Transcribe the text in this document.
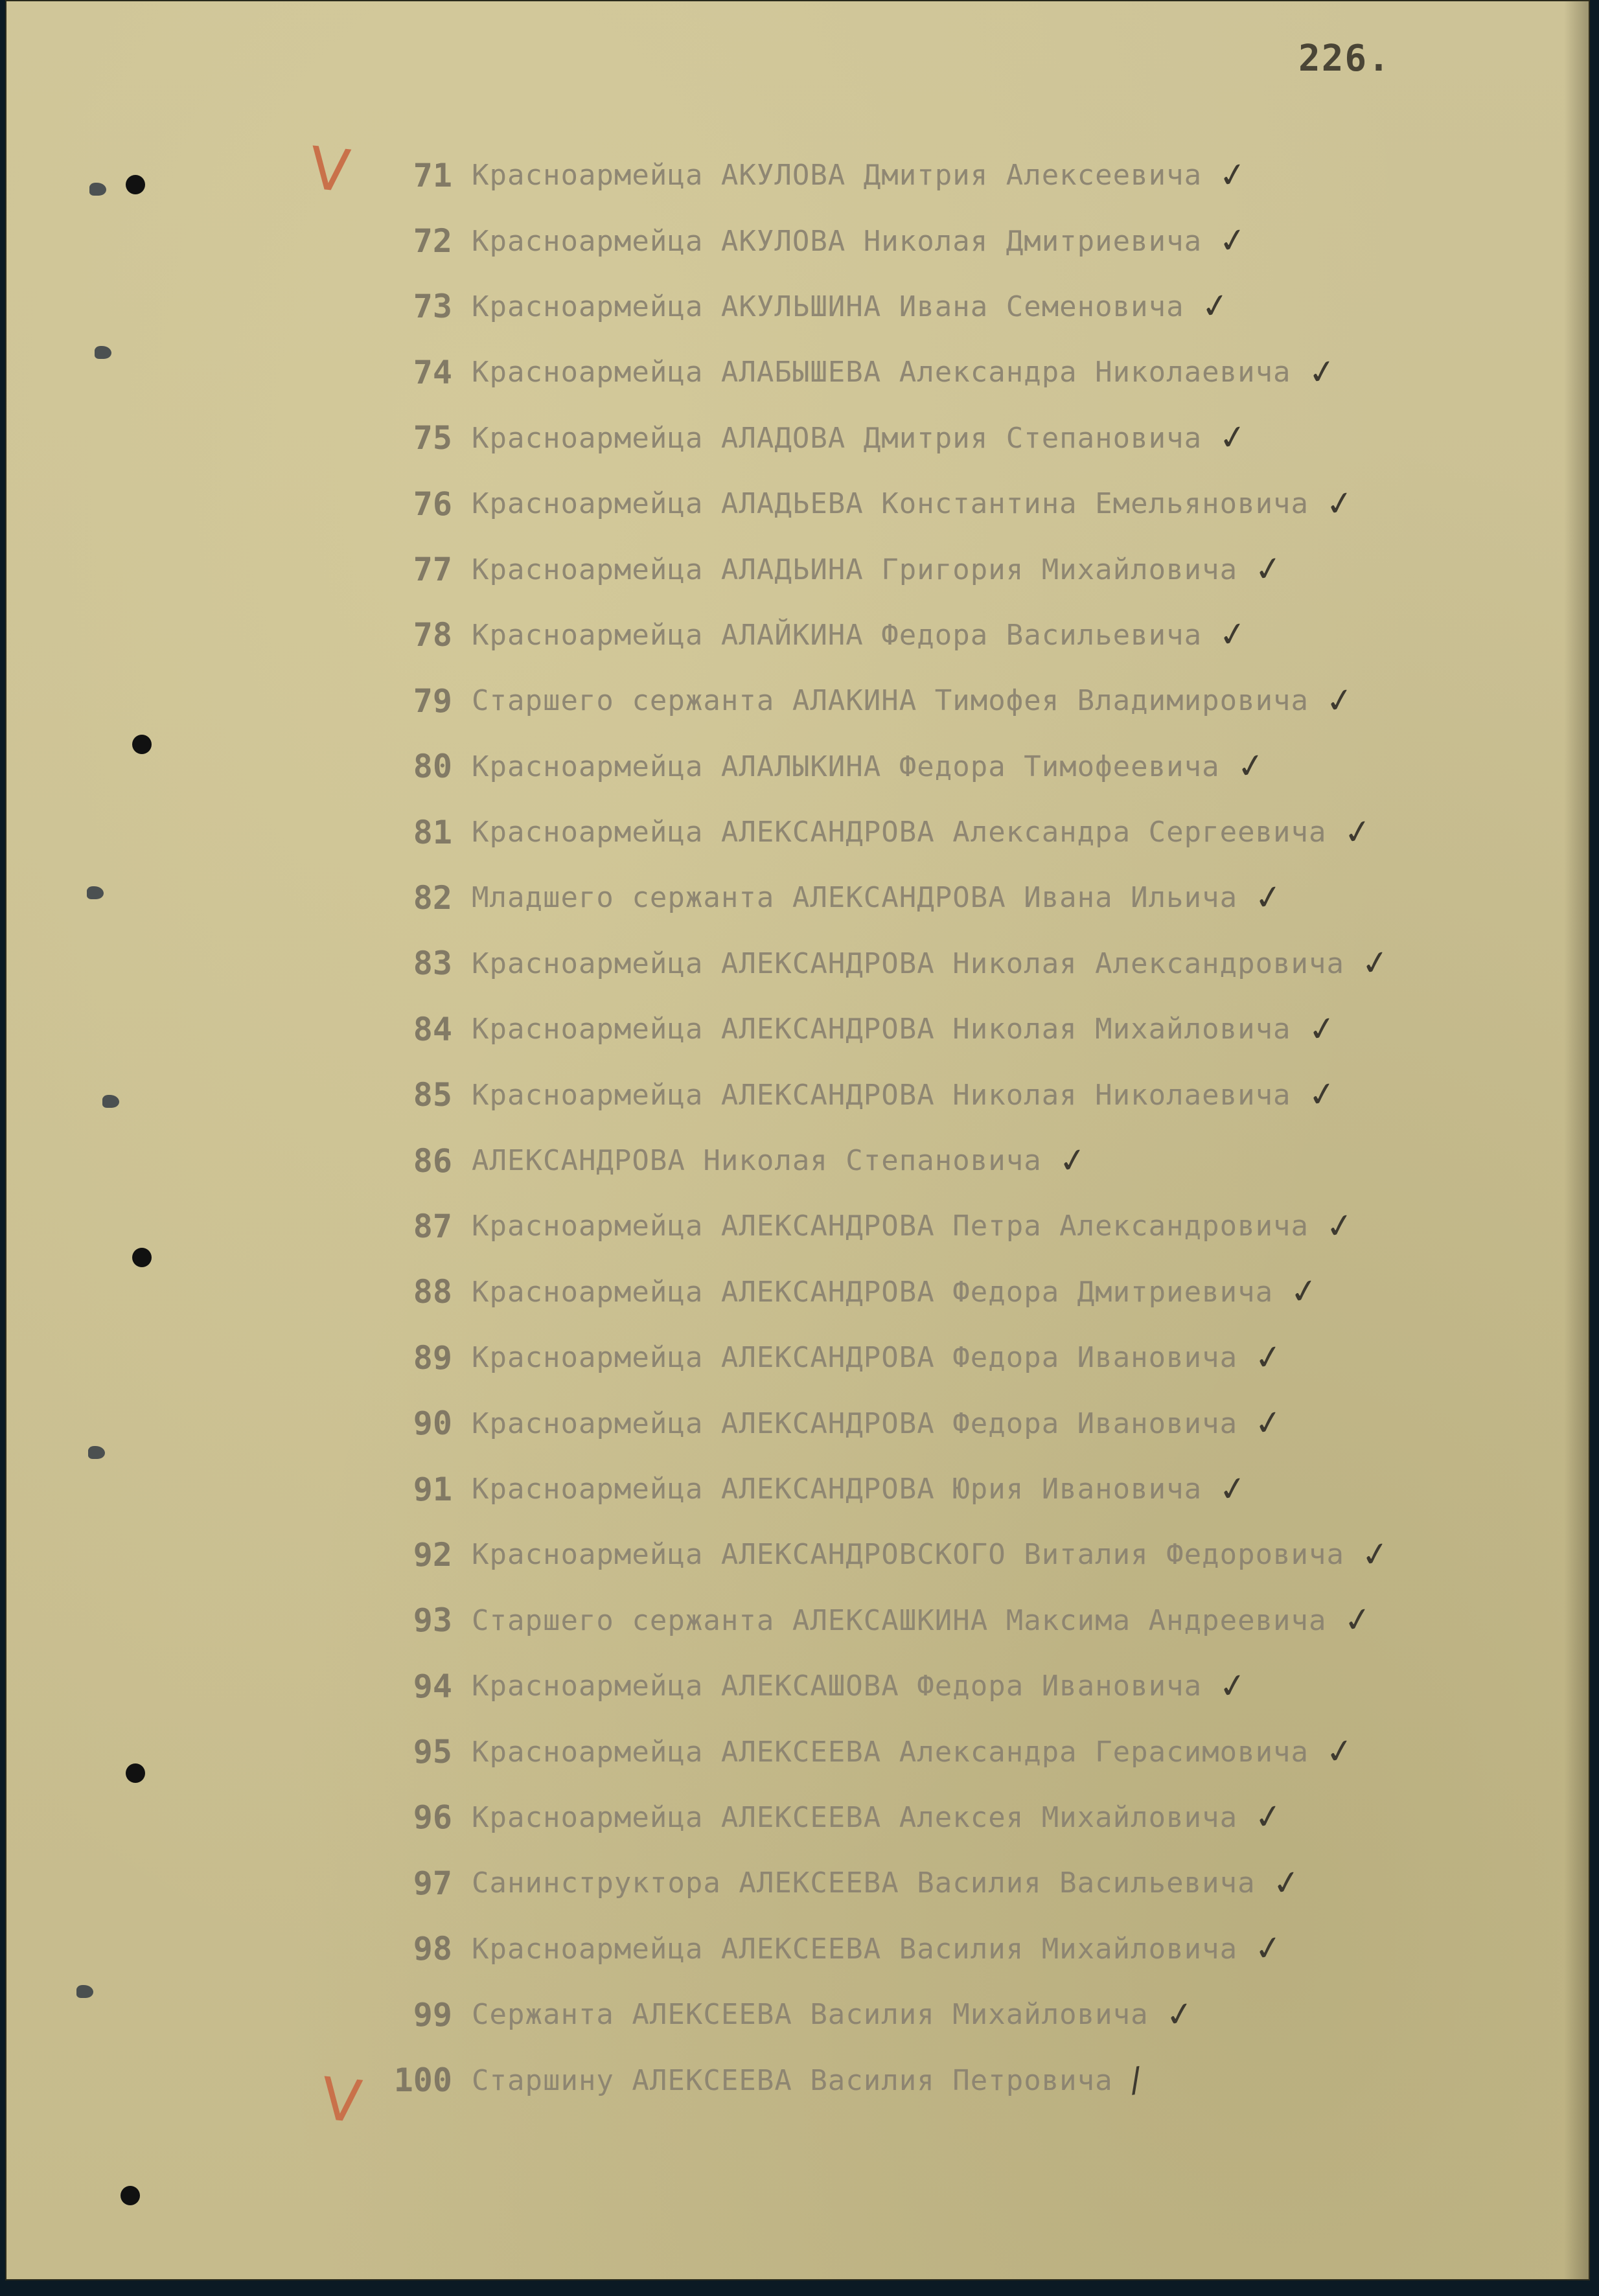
226.
V
V
71 Красноармейца АКУЛОВА Дмитрия Алексеевича ✓
72 Красноармейца АКУЛОВА Николая Дмитриевича ✓
73 Красноармейца АКУЛЬШИНА Ивана Семеновича ✓
74 Красноармейца АЛАБЫШЕВА Александра Николаевича ✓
75 Красноармейца АЛАДОВА Дмитрия Степановича ✓
76 Красноармейца АЛАДЬЕВА Константина Емельяновича ✓
77 Красноармейца АЛАДЬИНА Григория Михайловича ✓
78 Красноармейца АЛАЙКИНА Федора Васильевича ✓
79 Старшего сержанта АЛАКИНА Тимофея Владимировича ✓
80 Красноармейца АЛАЛЫКИНА Федора Тимофеевича ✓
81 Красноармейца АЛЕКСАНДРОВА Александра Сергеевича ✓
82 Младшего сержанта АЛЕКСАНДРОВА Ивана Ильича ✓
83 Красноармейца АЛЕКСАНДРОВА Николая Александровича ✓
84 Красноармейца АЛЕКСАНДРОВА Николая Михайловича ✓
85 Красноармейца АЛЕКСАНДРОВА Николая Николаевича ✓
86 АЛЕКСАНДРОВА Николая Степановича ✓
87 Красноармейца АЛЕКСАНДРОВА Петра Александровича ✓
88 Красноармейца АЛЕКСАНДРОВА Федора Дмитриевича ✓
89 Красноармейца АЛЕКСАНДРОВА Федора Ивановича ✓
90 Красноармейца АЛЕКСАНДРОВА Федора Ивановича ✓
91 Красноармейца АЛЕКСАНДРОВА Юрия Ивановича ✓
92 Красноармейца АЛЕКСАНДРОВСКОГО Виталия Федоровича ✓
93 Старшего сержанта АЛЕКСАШКИНА Максима Андреевича ✓
94 Красноармейца АЛЕКСАШОВА Федора Ивановича ✓
95 Красноармейца АЛЕКСЕЕВА Александра Герасимовича ✓
96 Красноармейца АЛЕКСЕЕВА Алексея Михайловича ✓
97 Санинструктора АЛЕКСЕЕВА Василия Васильевича ✓
98 Красноармейца АЛЕКСЕЕВА Василия Михайловича ✓
99 Сержанта АЛЕКСЕЕВА Василия Михайловича ✓
100 Старшину АЛЕКСЕЕВА Василия Петровича /
